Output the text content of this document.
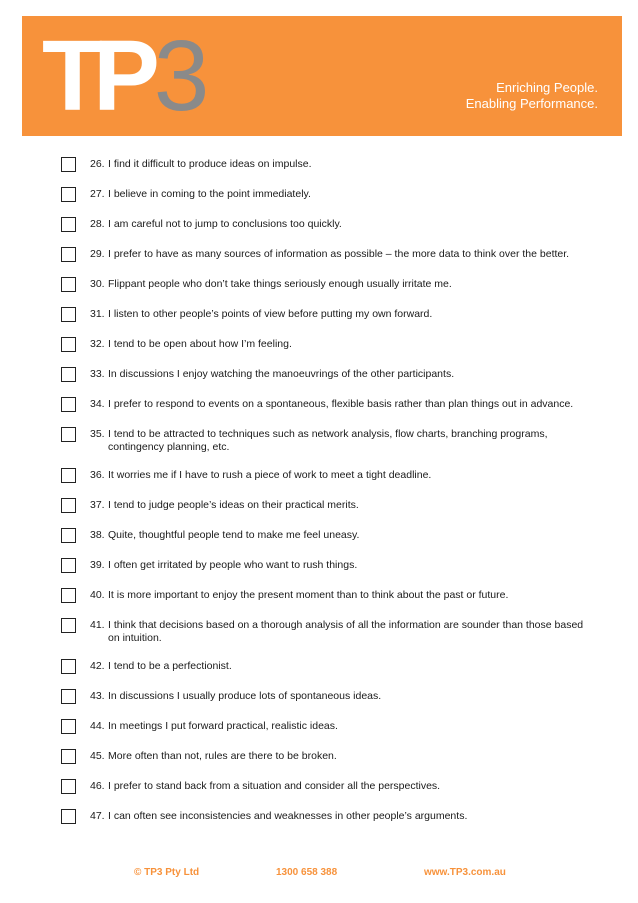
TP3	Enriching People.
Enabling Performance.
26. I find it difficult to produce ideas on impulse.
27. I believe in coming to the point immediately.
28. I am careful not to jump to conclusions too quickly.
29. I prefer to have as many sources of information as possible – the more data to think over the better.
30. Flippant people who don’t take things seriously enough usually irritate me.
31. I listen to other people’s points of view before putting my own forward.
32. I tend to be open about how I’m feeling.
33. In discussions I enjoy watching the manoeuvrings of the other participants.
34. I prefer to respond to events on a spontaneous, flexible basis rather than plan things out in advance.
35. I tend to be attracted to techniques such as network analysis, flow charts, branching programs, contingency planning, etc.
36. It worries me if I have to rush a piece of work to meet a tight deadline.
37. I tend to judge people’s ideas on their practical merits.
38. Quite, thoughtful people tend to make me feel uneasy.
39. I often get irritated by people who want to rush things.
40. It is more important to enjoy the present moment than to think about the past or future.
41. I think that decisions based on a thorough analysis of all the information are sounder than those based on intuition.
42. I tend to be a perfectionist.
43. In discussions I usually produce lots of spontaneous ideas.
44. In meetings I put forward practical, realistic ideas.
45. More often than not, rules are there to be broken.
46. I prefer to stand back from a situation and consider all the perspectives.
47. I can often see inconsistencies and weaknesses in other people’s arguments.
© TP3 Pty Ltd	1300 658 388	www.TP3.com.au
